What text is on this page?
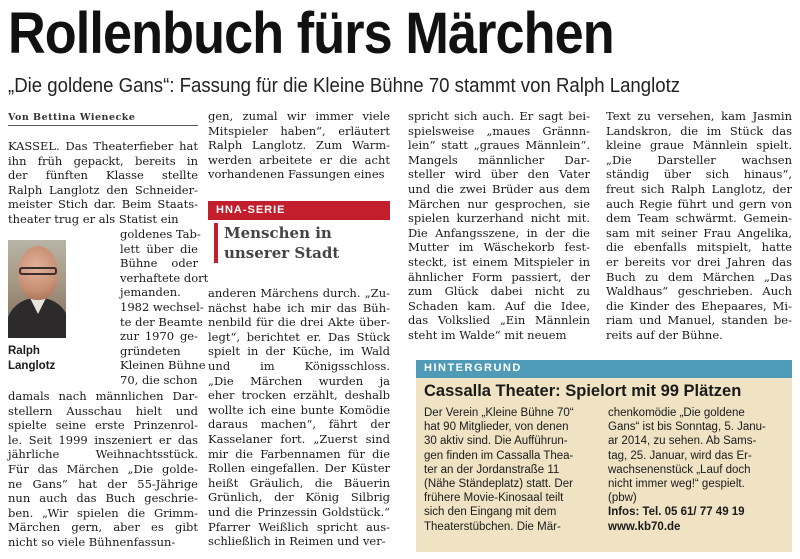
Rollenbuch fürs Märchen
„Die goldene Gans“: Fassung für die Kleine Bühne 70 stammt von Ralph Langlotz
Von Bettina Wienecke
KASSEL. Das Theaterfieber hat
ihn früh gepackt, bereits in
der fünften Klasse stellte
Ralph Langlotz den Schneider-
meister Stich dar. Beim Staats-
theater trug er als Statist ein
Ralph
Langlotz
goldenes Tab-
lett über die
Bühne oder
verhaftete dort
jemanden.
1982 wechsel-
te der Beamte
zur 1970 ge-
gründeten
Kleinen Bühne
70, die schon
damals nach männlichen Dar-
stellern Ausschau hielt und
spielte seine erste Prinzenrol-
le. Seit 1999 inszeniert er das
jährliche Weihnachtsstück.
Für das Märchen „Die golde-
ne Gans“ hat der 55-Jährige
nun auch das Buch geschrie-
ben. „Wir spielen die Grimm-
Märchen gern, aber es gibt
nicht so viele Bühnenfassun-
gen, zumal wir immer viele
Mitspieler haben“, erläutert
Ralph Langlotz. Zum Warm-
werden arbeitete er die acht
vorhandenen Fassungen eines
HNA-SERIE
Menschen in
unserer Stadt
anderen Märchens durch. „Zu-
nächst habe ich mir das Büh-
nenbild für die drei Akte über-
legt“, berichtet er. Das Stück
spielt in der Küche, im Wald
und im Königsschloss.
„Die Märchen wurden ja
eher trocken erzählt, deshalb
wollte ich eine bunte Komödie
daraus machen“, fährt der
Kasselaner fort. „Zuerst sind
mir die Farbennamen für die
Rollen eingefallen. Der Küster
heißt Gräulich, die Bäuerin
Grünlich, der König Silbrig
und die Prinzessin Goldstück.“
Pfarrer Weißlich spricht aus-
schließlich in Reimen und ver-
spricht sich auch. Er sagt bei-
spielsweise „maues Grännn-
lein“ statt „graues Männlein“.
Mangels männlicher Dar-
steller wird über den Vater
und die zwei Brüder aus dem
Märchen nur gesprochen, sie
spielen kurzerhand nicht mit.
Die Anfangsszene, in der die
Mutter im Wäschekorb fest-
steckt, ist einem Mitspieler in
ähnlicher Form passiert, der
zum Glück dabei nicht zu
Schaden kam. Auf die Idee,
das Volkslied „Ein Männlein
steht im Walde“ mit neuem
Text zu versehen, kam Jasmin
Landskron, die im Stück das
kleine graue Männlein spielt.
„Die Darsteller wachsen
ständig über sich hinaus“,
freut sich Ralph Langlotz, der
auch Regie führt und gern von
dem Team schwärmt. Gemein-
sam mit seiner Frau Angelika,
die ebenfalls mitspielt, hatte
er bereits vor drei Jahren das
Buch zu dem Märchen „Das
Waldhaus“ geschrieben. Auch
die Kinder des Ehepaares, Mi-
riam und Manuel, standen be-
reits auf der Bühne.
HINTERGRUND
Cassalla Theater: Spielort mit 99 Plätzen
Der Verein „Kleine Bühne 70“
hat 90 Mitglieder, von denen
30 aktiv sind. Die Aufführun-
gen finden im Cassalla Thea-
ter an der Jordanstraße 11
(Nähe Ständeplatz) statt. Der
frühere Movie-Kinosaal teilt
sich den Eingang mit dem
Theaterstübchen. Die Mär-
chenkomödie „Die goldene
Gans“ ist bis Sonntag, 5. Janu-
ar 2014, zu sehen. Ab Sams-
tag, 25. Januar, wird das Er-
wachsenenstück „Lauf doch
nicht immer weg!“ gespielt.
(pbw)
Infos: Tel. 05 61/ 77 49 19
www.kb70.de
